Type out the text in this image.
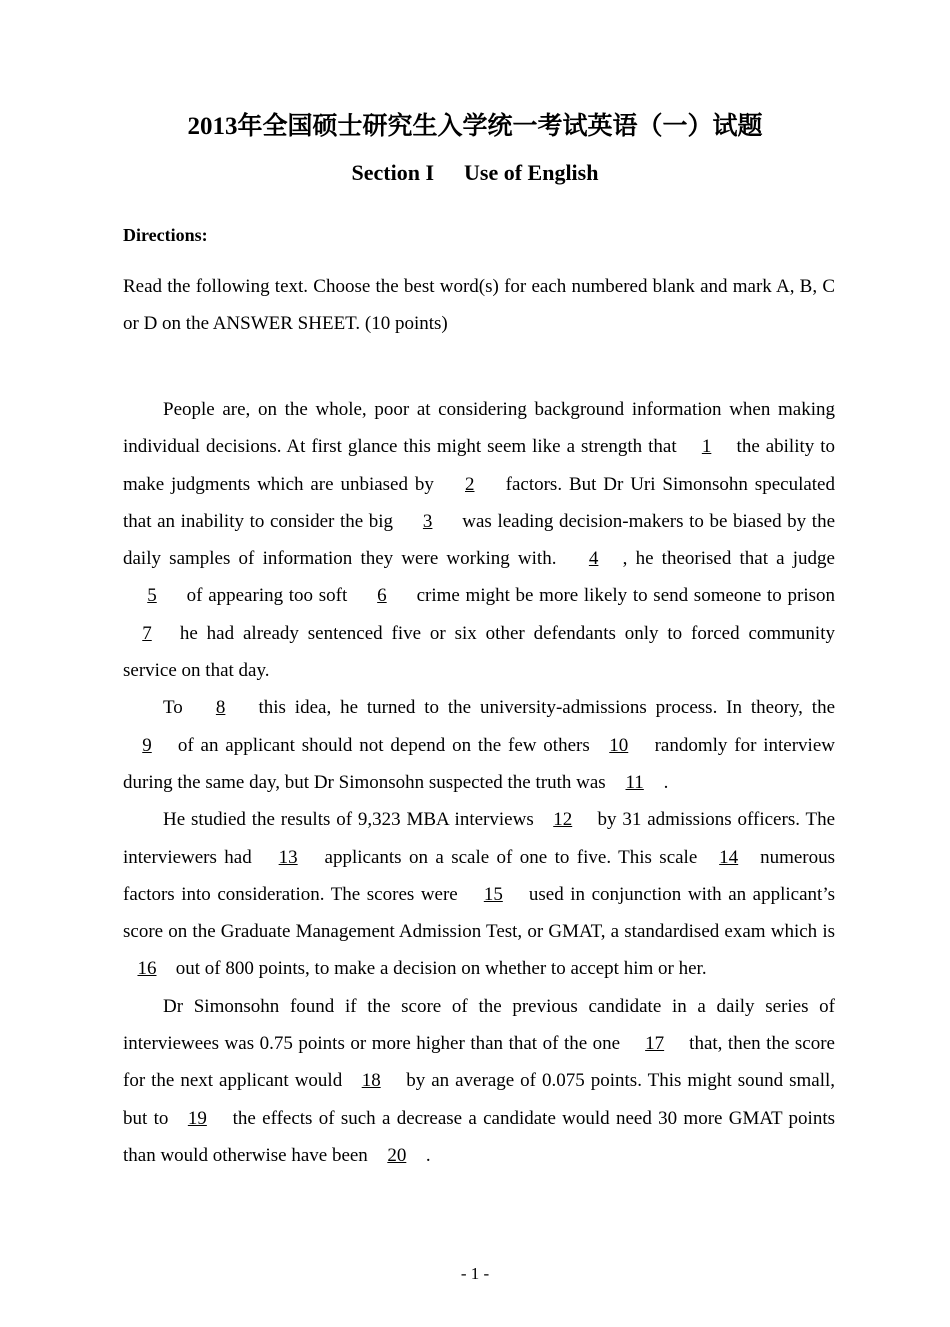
2013年全国硕士研究生入学统一考试英语（一）试题
Section I Use of English
Directions:
Read the following text. Choose the best word(s) for each numbered blank and mark A, B, C or D on the ANSWER SHEET. (10 points)

People are, on the whole, poor at considering background information when making individual decisions. At first glance this might seem like a strength that 1 the ability to make judgments which are unbiased by 2 factors. But Dr Uri Simonsohn speculated that an inability to consider the big 3 was leading decision-makers to be biased by the daily samples of information they were working with. 4 , he theorised that a judge 5 of appearing too soft 6 crime might be more likely to send someone to prison 7 he had already sentenced five or six other defendants only to forced community service on that day.

To 8 this idea, he turned to the university-admissions process. In theory, the 9 of an applicant should not depend on the few others 10 randomly for interview during the same day, but Dr Simonsohn suspected the truth was 11 .

He studied the results of 9,323 MBA interviews 12 by 31 admissions officers. The interviewers had 13 applicants on a scale of one to five. This scale 14 numerous factors into consideration. The scores were 15 used in conjunction with an applicant’s score on the Graduate Management Admission Test, or GMAT, a standardised exam which is16 out of 800 points, to make a decision on whether to accept him or her.

Dr Simonsohn found if the score of the previous candidate in a daily series of interviewees was 0.75 points or more higher than that of the one 17 that, then the score for the next applicant would 18 by an average of 0.075 points. This might sound small, but to 19 the effects of such a decrease a candidate would need 30 more GMAT points than would otherwise have been 20 .

- 1 -
